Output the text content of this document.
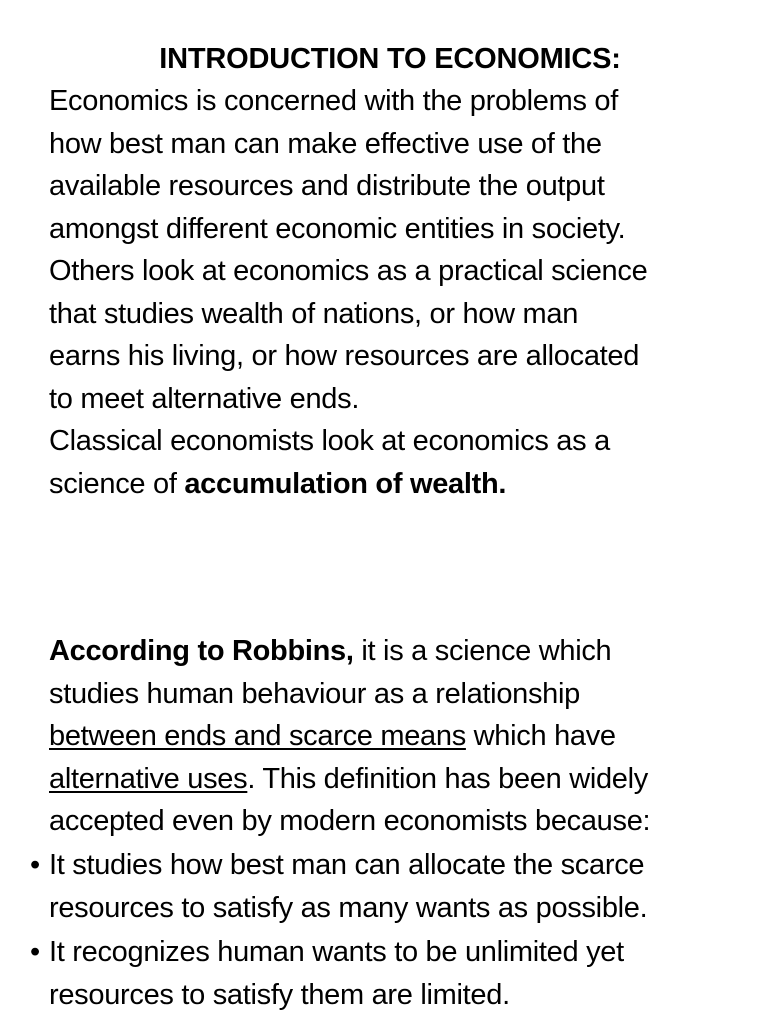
INTRODUCTION TO ECONOMICS:
Economics is concerned with the problems of
how best man can make effective use of the
available resources and distribute the output
amongst different economic entities in society.
Others look at economics as a practical science
that studies wealth of nations, or how man
earns his living, or how resources are allocated
to meet alternative ends.
Classical economists look at economics as a
science of accumulation of wealth.
According to Robbins, it is a science which
studies human behaviour as a relationship
between ends and scarce means which have
alternative uses. This definition has been widely
accepted even by modern economists because:
• It studies how best man can allocate the scarce
resources to satisfy as many wants as possible.
• It recognizes human wants to be unlimited yet
resources to satisfy them are limited.
